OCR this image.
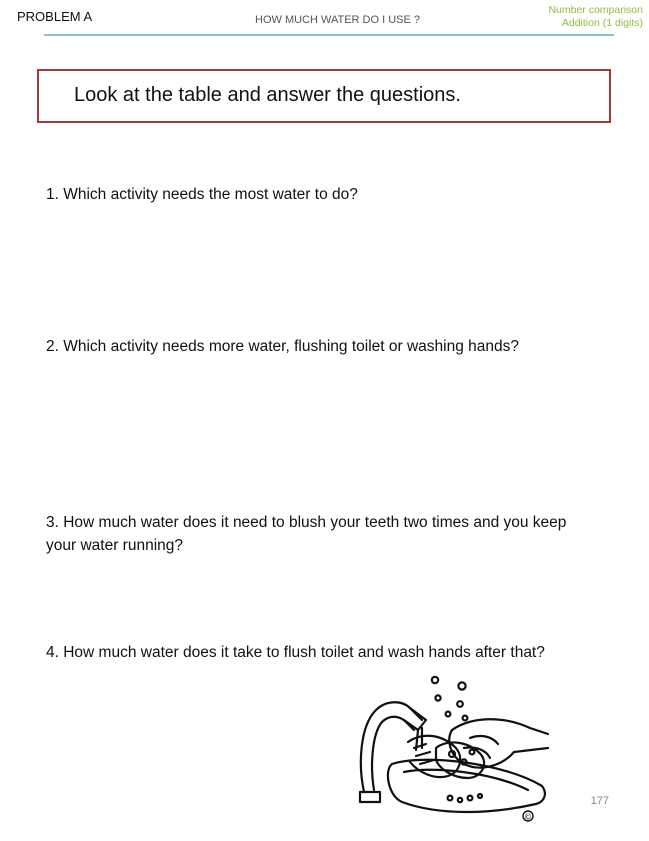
PROBLEM A	HOW MUCH WATER DO I USE ?
Number comparison
Addition (1 digits)
Look at the table and answer the questions.
1. Which activity needs the most water to do?
2. Which activity needs more water, flushing toilet or washing hands?
3. How much water does it need to blush your teeth two times and you keep your water running?
4. How much water does it take to flush toilet and wash hands after that?
©
177
